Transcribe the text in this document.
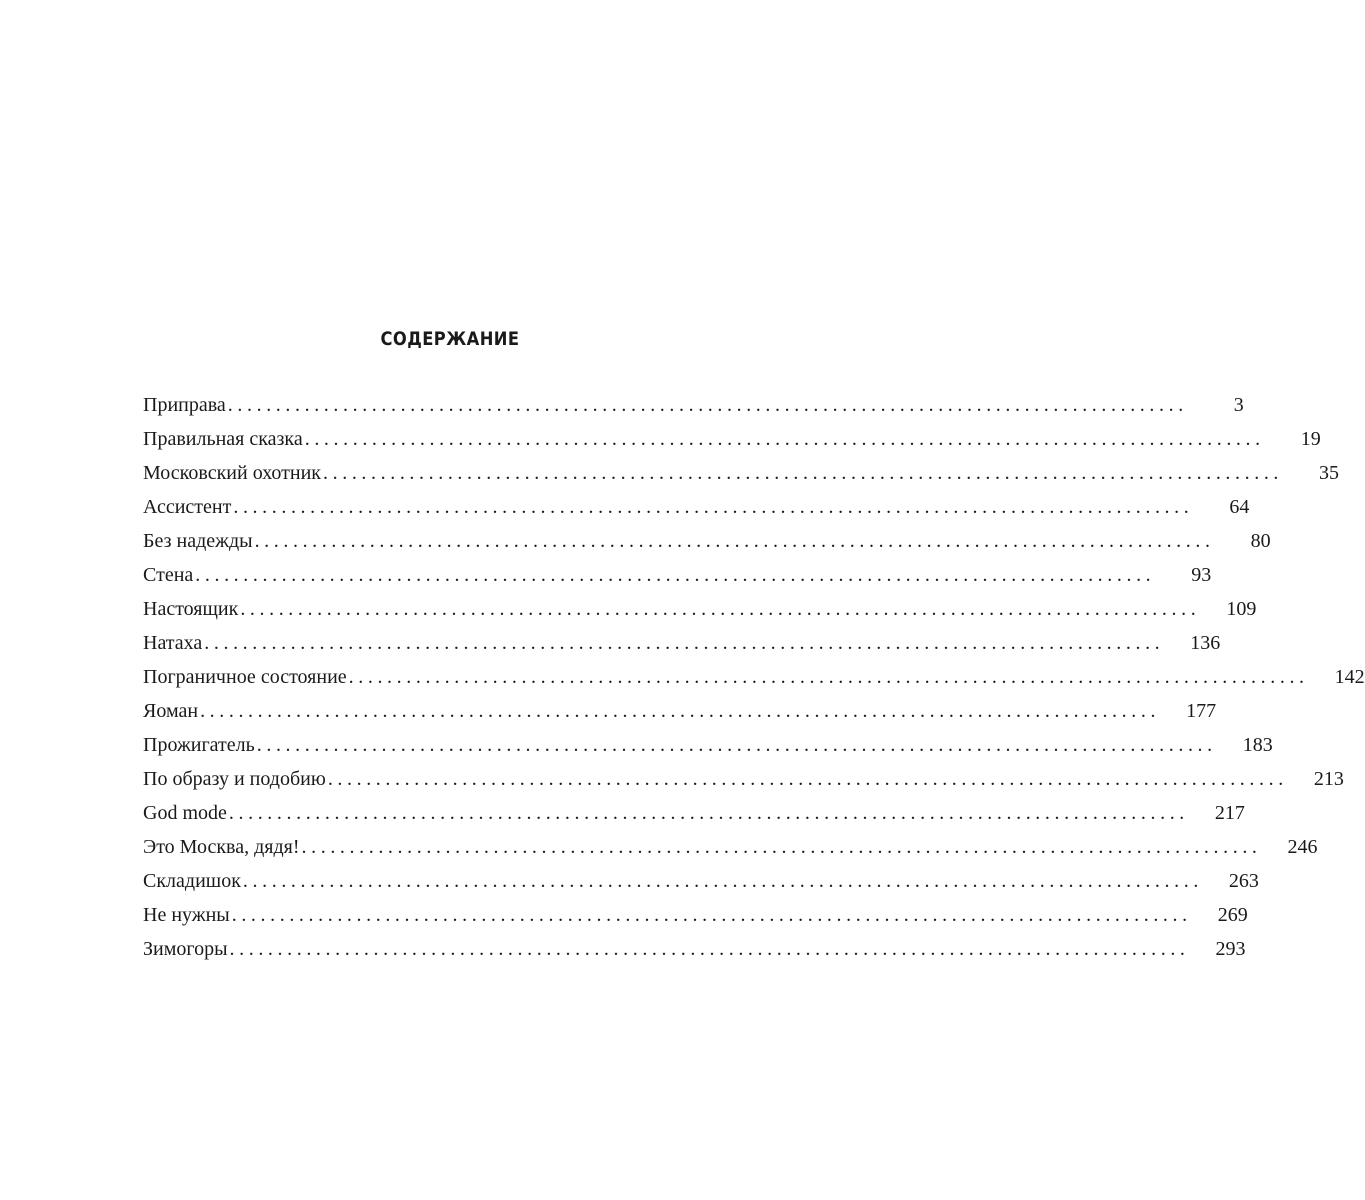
СОДЕРЖАНИЕ
Приправа ....................................................................................................	3
Правильная сказка ....................................................................................................	19
Московский охотник ....................................................................................................	35
Ассистент ....................................................................................................	64
Без надежды ....................................................................................................	80
Стена ....................................................................................................	93
Настоящик ....................................................................................................	109
Натаха ....................................................................................................	136
Пограничное состояние ....................................................................................................	142
Яоман ....................................................................................................	177
Прожигатель ....................................................................................................	183
По образу и подобию ....................................................................................................	213
God mode ....................................................................................................	217
Это Москва, дядя! ....................................................................................................	246
Складишок ....................................................................................................	263
Не нужны ....................................................................................................	269
Зимогоры ....................................................................................................	293
